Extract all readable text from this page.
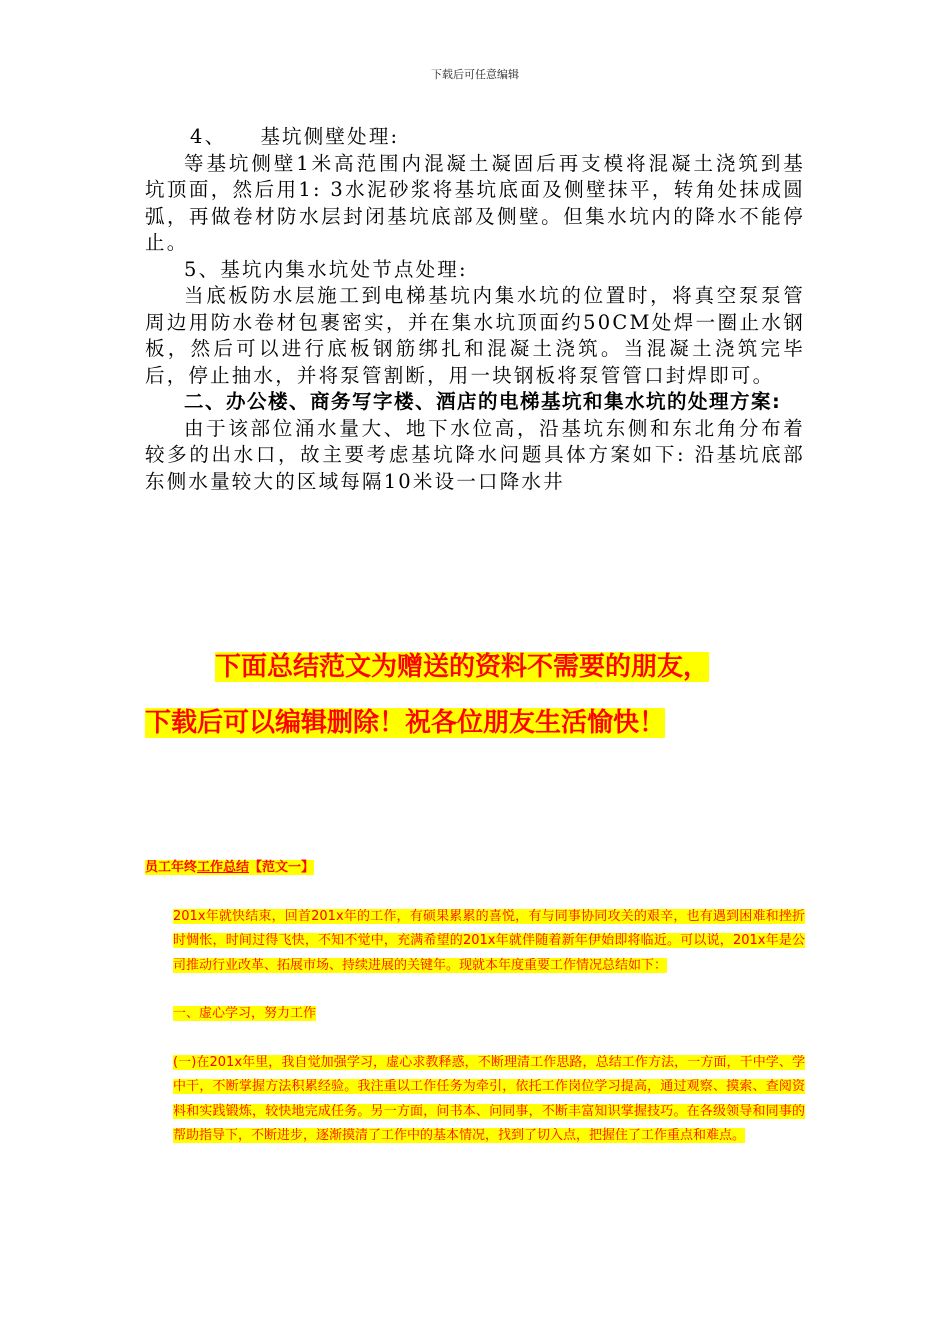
下载后可任意编辑

4、 基坑侧壁处理:

等基坑侧壁1米高范围内混凝土凝固后再支模将混凝土浇筑到基坑顶面，然后用1: 3水泥砂浆将基坑底面及侧壁抹平，转角处抹成圆弧，再做卷材防水层封闭基坑底部及侧壁。但集水坑内的降水不能停止。

5、基坑内集水坑处节点处理:

当底板防水层施工到电梯基坑内集水坑的位置时，将真空泵泵管周边用防水卷材包裹密实，并在集水坑顶面约50CM处焊一圈止水钢板，然后可以进行底板钢筋绑扎和混凝土浇筑。当混凝土浇筑完毕后，停止抽水，并将泵管割断，用一块钢板将泵管管口封焊即可。

二、办公楼、商务写字楼、酒店的电梯基坑和集水坑的处理方案:

由于该部位涌水量大、地下水位高，沿基坑东侧和东北角分布着较多的出水口，故主要考虑基坑降水问题具体方案如下: 沿基坑底部东侧水量较大的区域每隔10米设一口降水井

下面总结范文为赠送的资料不需要的朋友，
下载后可以编辑删除！祝各位朋友生活愉快！

员工年终工作总结【范文一】

201x年就快结束，回首201x年的工作，有硕果累累的喜悦，有与同事协同攻关的艰辛，也有遇到困难和挫折时惆怅，时间过得飞快，不知不觉中，充满希望的201x年就伴随着新年伊始即将临近。可以说，201x年是公司推动行业改革、拓展市场、持续进展的关键年。现就本年度重要工作情况总结如下：

一、虚心学习，努力工作

(一)在201x年里，我自觉加强学习，虚心求教释惑，不断理清工作思路，总结工作方法，一方面，干中学、学中干，不断掌握方法积累经验。我注重以工作任务为牵引，依托工作岗位学习提高，通过观察、摸索、查阅资料和实践锻炼，较快地完成任务。另一方面，问书本、问同事，不断丰富知识掌握技巧。在各级领导和同事的帮助指导下，不断进步，逐渐摸清了工作中的基本情况，找到了切入点，把握住了工作重点和难点。
